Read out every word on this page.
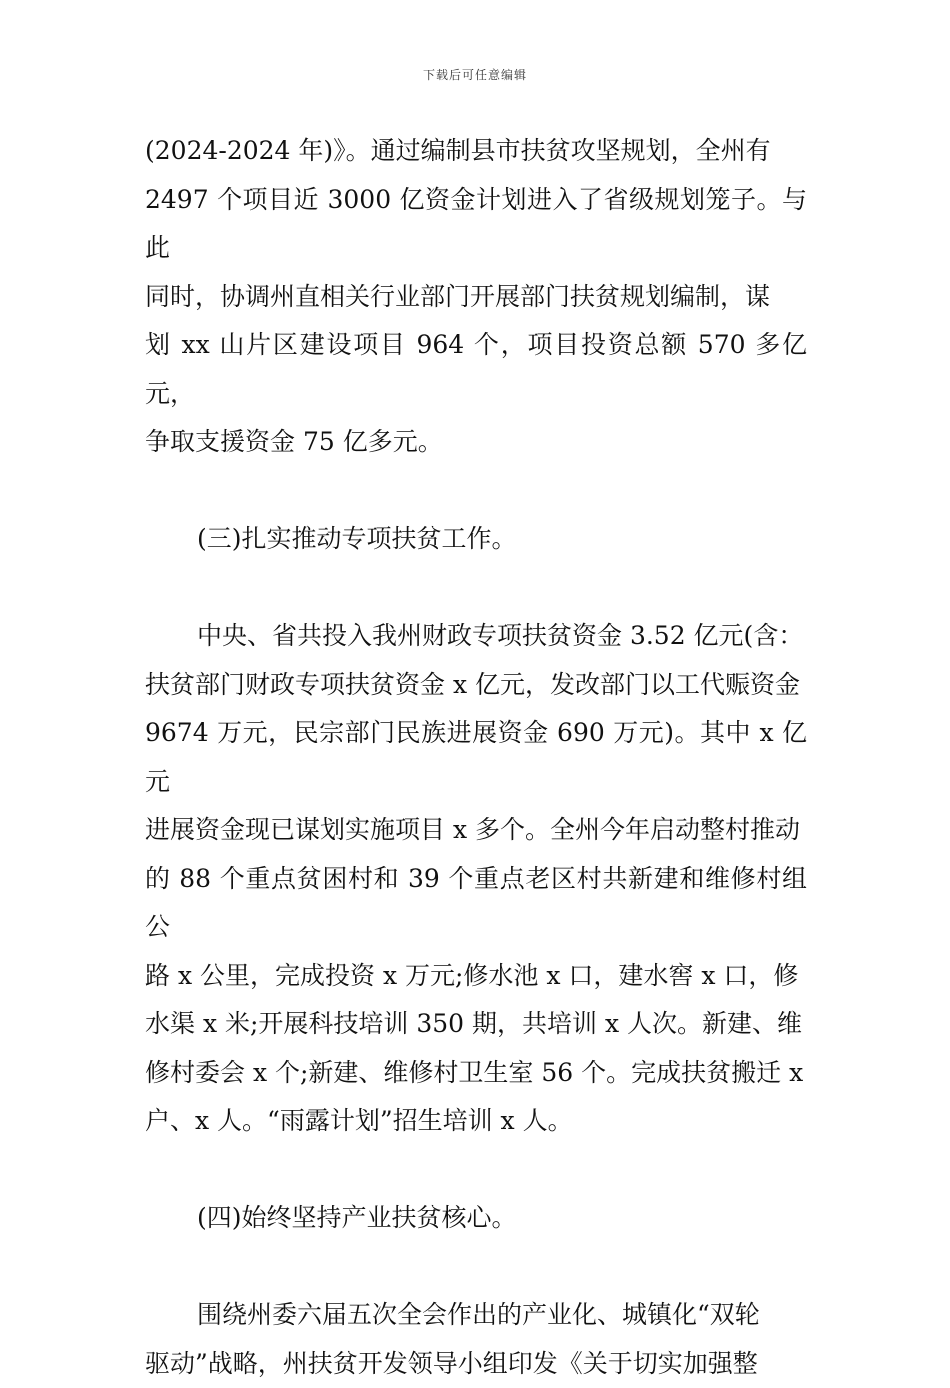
下载后可任意编辑

(2024-2024 年)》。通过编制县市扶贫攻坚规划，全州有
2497 个项目近 3000 亿资金计划进入了省级规划笼子。与此
同时，协调州直相关行业部门开展部门扶贫规划编制，谋
划 xx 山片区建设项目 964 个，项目投资总额 570 多亿元，
争取支援资金 75 亿多元。

(三)扎实推动专项扶贫工作。

中央、省共投入我州财政专项扶贫资金 3.52 亿元(含：
扶贫部门财政专项扶贫资金 x 亿元，发改部门以工代赈资金
9674 万元，民宗部门民族进展资金 690 万元)。其中 x 亿元
进展资金现已谋划实施项目 x 多个。全州今年启动整村推动
的 88 个重点贫困村和 39 个重点老区村共新建和维修村组公
路 x 公里，完成投资 x 万元;修水池 x 口，建水窖 x 口，修
水渠 x 米;开展科技培训 350 期，共培训 x 人次。新建、维
修村委会 x 个;新建、维修村卫生室 56 个。完成扶贫搬迁 x
户、x 人。“雨露计划”招生培训 x 人。

(四)始终坚持产业扶贫核心。

围绕州委六届五次全会作出的产业化、城镇化“双轮
驱动”战略，州扶贫开发领导小组印发《关于切实加强整
